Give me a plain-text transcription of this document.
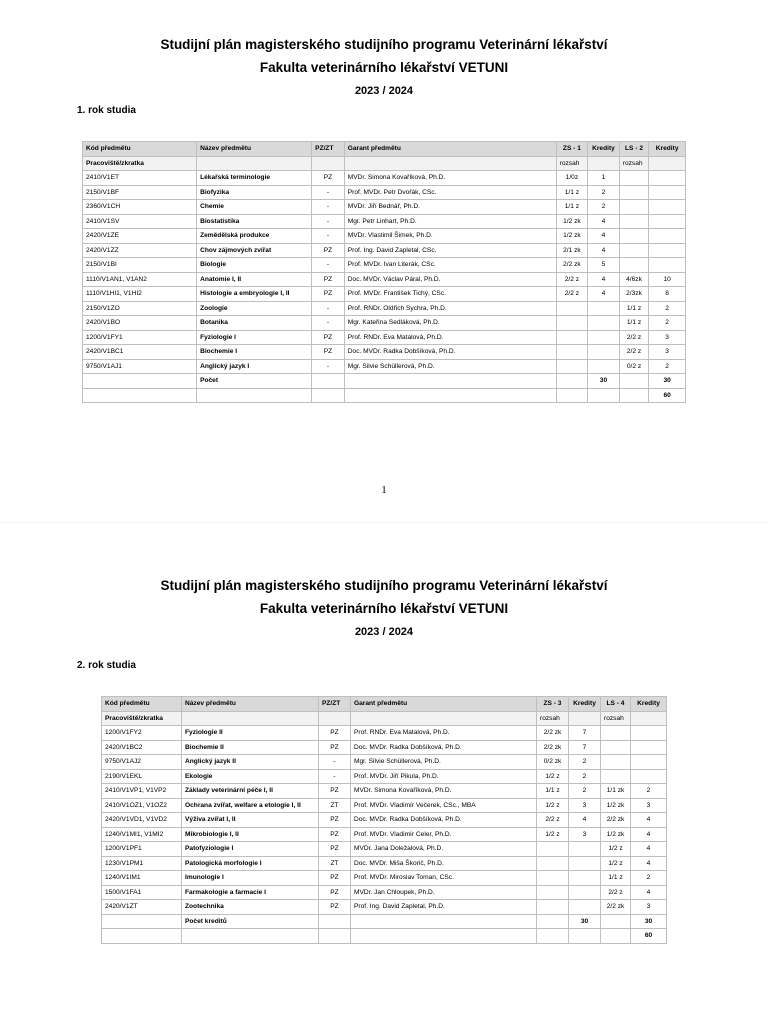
Studijní plán magisterského studijního programu Veterinární lékařství

Fakulta veterinárního lékařství VETUNI

2023 / 2024

1. rok studia
Kód předmětu	Název předmětu	PZ/ZT	Garant předmětu	ZS - 1	Kredity	LS - 2	Kredity
Pracoviště/zkratka				rozsah		rozsah	
2410/V1ET	Lékařská terminologie	PZ	MVDr. Simona Kovaříková, Ph.D.	1/0z	1		
2150/V1BF	Biofyzika	-	Prof. MVDr. Petr Dvořák, CSc.	1/1 z	2		
2360/V1CH	Chemie	-	MVDr. Jiří Bednář, Ph.D.	1/1 z	2		
2410/V1SV	Biostatistika	-	Mgr. Petr Linhart, Ph.D.	1/2 zk	4		
2420/V1ZE	Zemědělská produkce	-	MVDr. Vlastimil Šimek, Ph.D.	1/2 zk	4		
2420/V1ZZ	Chov zájmových zvířat	PZ	Prof. Ing. David Zapletal, CSc.	2/1 zk	4		
2150/V1BI	Biologie	-	Prof. MVDr. Ivan Literák, CSc.	2/2 zk	5		
1110/V1AN1, V1AN2	Anatomie I, II	PZ	Doc. MVDr. Václav Páral, Ph.D.	2/2 z	4	4/6zk	10
1110/V1HI1, V1HI2	Histologie a embryologie I, II	PZ	Prof. MVDr. František Tichý, CSc.	2/2 z	4	2/3zk	8
2150/V1ZO	Zoologie	-	Prof. RNDr. Oldřich Sychra, Ph.D.			1/1 z	2
2420/V1BO	Botanika	-	Mgr. Kateřina Sedláková, Ph.D.			1/1 z	2
1200/V1FY1	Fyziologie I	PZ	Prof. RNDr. Eva Matalová, Ph.D.			2/2 z	3
2420/V1BC1	Biochemie I	PZ	Doc. MVDr. Radka Dobšíková, Ph.D.			2/2 z	3
9750/V1AJ1	Anglický jazyk I	-	Mgr. Silvie Schüllerová, Ph.D.			0/2 z	2
	Počet				30		30
							60
1

Studijní plán magisterského studijního programu Veterinární lékařství

Fakulta veterinárního lékařství VETUNI

2023 / 2024

2. rok studia
Kód předmětu	Název předmětu	PZ/ZT	Garant předmětu	ZS - 3	Kredity	LS - 4	Kredity
Pracoviště/zkratka				rozsah		rozsah	
1200/V1FY2	Fyziologie II	PZ	Prof. RNDr. Eva Matalová, Ph.D.	2/2 zk	7		
2420/V1BC2	Biochemie II	PZ	Doc. MVDr. Radka Dobšíková, Ph.D.	2/2 zk	7		
9750/V1AJ2	Anglický jazyk II	-	Mgr. Silvie Schüllerová, Ph.D.	0/2 zk	2		
2190/V1EKL	Ekologie	-	Prof. MVDr. Jiří Pikula, Ph.D.	1/2 z	2		
2410/V1VP1, V1VP2	Základy veterinární péče I, II	PZ	MVDr. Simona Kovaříková, Ph.D.	1/1 z	2	1/1 zk	2
2410/V1OZ1, V1OZ2	Ochrana zvířat, welfare a etologie I, II	ZT	Prof. MVDr. Vladimír Večerek, CSc., MBA	1/2 z	3	1/2 zk	3
2420/V1VD1, V1VD2	Výživa zvířat I, II	PZ	Doc. MVDr. Radka Dobšíková, Ph.D.	2/2 z	4	2/2 zk	4
1240/V1MI1, V1MI2	Mikrobiologie I, II	PZ	Prof. MVDr. Vladimír Celer, Ph.D.	1/2 z	3	1/2 zk	4
1200/V1PF1	Patofyziologie I	PZ	MVDr. Jana Doležalová, Ph.D.			1/2 z	4
1230/V1PM1	Patologická morfologie I	ZT	Doc. MVDr. Miša Škorič, Ph.D.			1/2 z	4
1240/V1IM1	Imunologie I	PZ	Prof. MVDr. Miroslav Toman, CSc.			1/1 z	2
1500/V1FA1	Farmakologie a farmacie I	PZ	MVDr. Jan Chloupek, Ph.D.			2/2 z	4
2420/V1ZT	Zootechnika	PZ	Prof. Ing. David Zapletal, Ph.D.			2/2 zk	3
	Počet kreditů				30		30
							60
